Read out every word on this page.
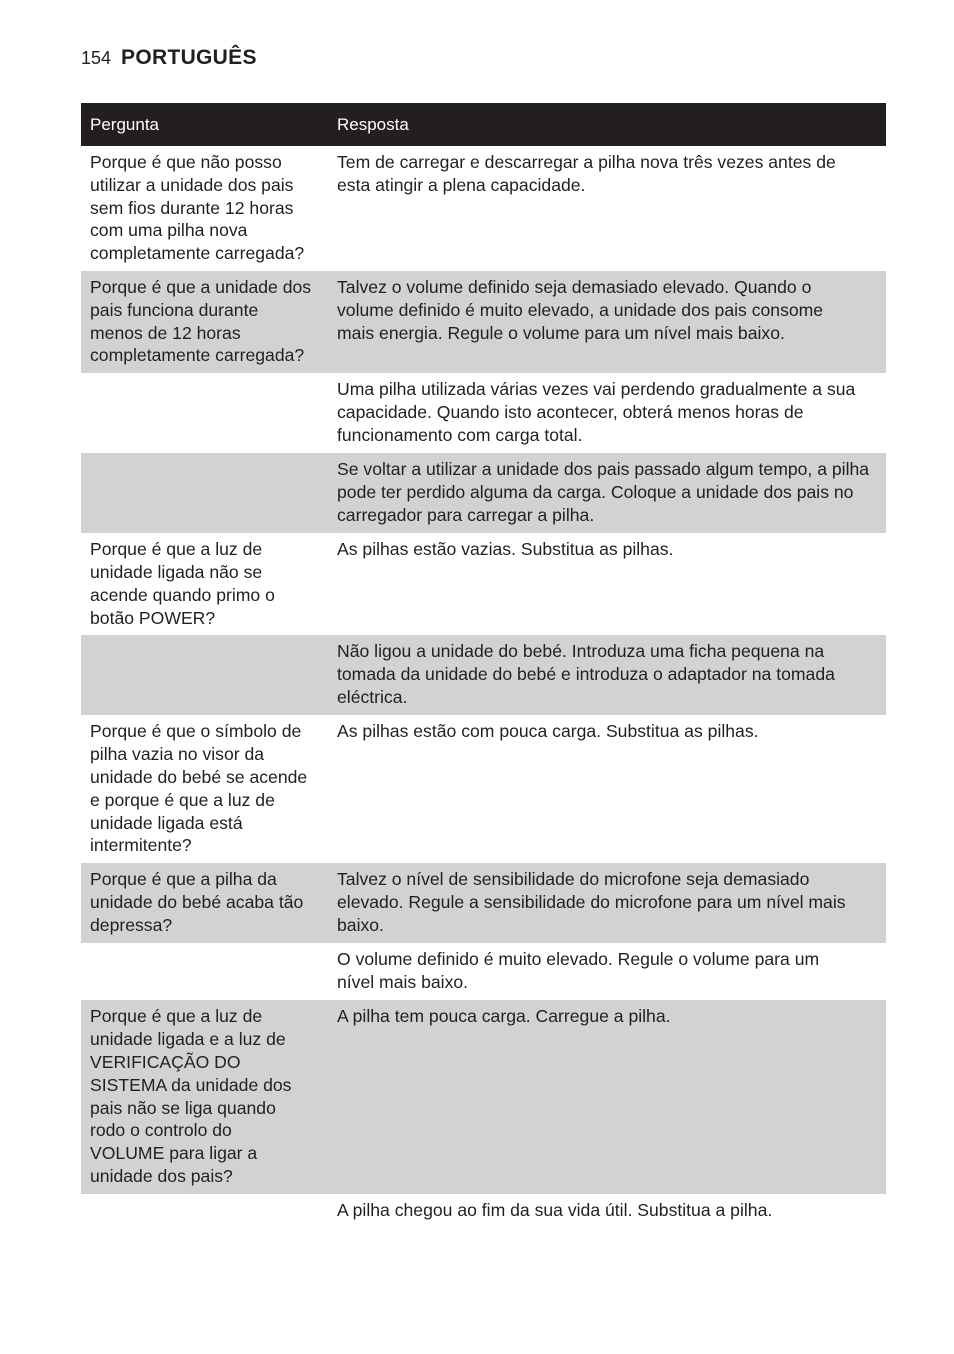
154 PORTUGUÊS
Pergunta	Resposta
Porque é que não posso
utilizar a unidade dos pais
sem fios durante 12 horas
com uma pilha nova
completamente carregada?
Tem de carregar e descarregar a pilha nova três vezes antes de
esta atingir a plena capacidade.
Porque é que a unidade dos
pais funciona durante
menos de 12 horas
completamente carregada?
Talvez o volume definido seja demasiado elevado. Quando o
volume definido é muito elevado, a unidade dos pais consome
mais energia. Regule o volume para um nível mais baixo.
Uma pilha utilizada várias vezes vai perdendo gradualmente a sua
capacidade. Quando isto acontecer, obterá menos horas de
funcionamento com carga total.
Se voltar a utilizar a unidade dos pais passado algum tempo, a pilha
pode ter perdido alguma da carga. Coloque a unidade dos pais no
carregador para carregar a pilha.
Porque é que a luz de
unidade ligada não se
acende quando primo o
botão POWER?
As pilhas estão vazias. Substitua as pilhas.
Não ligou a unidade do bebé. Introduza uma ficha pequena na
tomada da unidade do bebé e introduza o adaptador na tomada
eléctrica.
Porque é que o símbolo de
pilha vazia no visor da
unidade do bebé se acende
e porque é que a luz de
unidade ligada está
intermitente?
As pilhas estão com pouca carga. Substitua as pilhas.
Porque é que a pilha da
unidade do bebé acaba tão
depressa?
Talvez o nível de sensibilidade do microfone seja demasiado
elevado. Regule a sensibilidade do microfone para um nível mais
baixo.
O volume definido é muito elevado. Regule o volume para um
nível mais baixo.
Porque é que a luz de
unidade ligada e a luz de
VERIFICAÇÃO DO
SISTEMA da unidade dos
pais não se liga quando
rodo o controlo do
VOLUME para ligar a
unidade dos pais?
A pilha tem pouca carga. Carregue a pilha.
A pilha chegou ao fim da sua vida útil. Substitua a pilha.
